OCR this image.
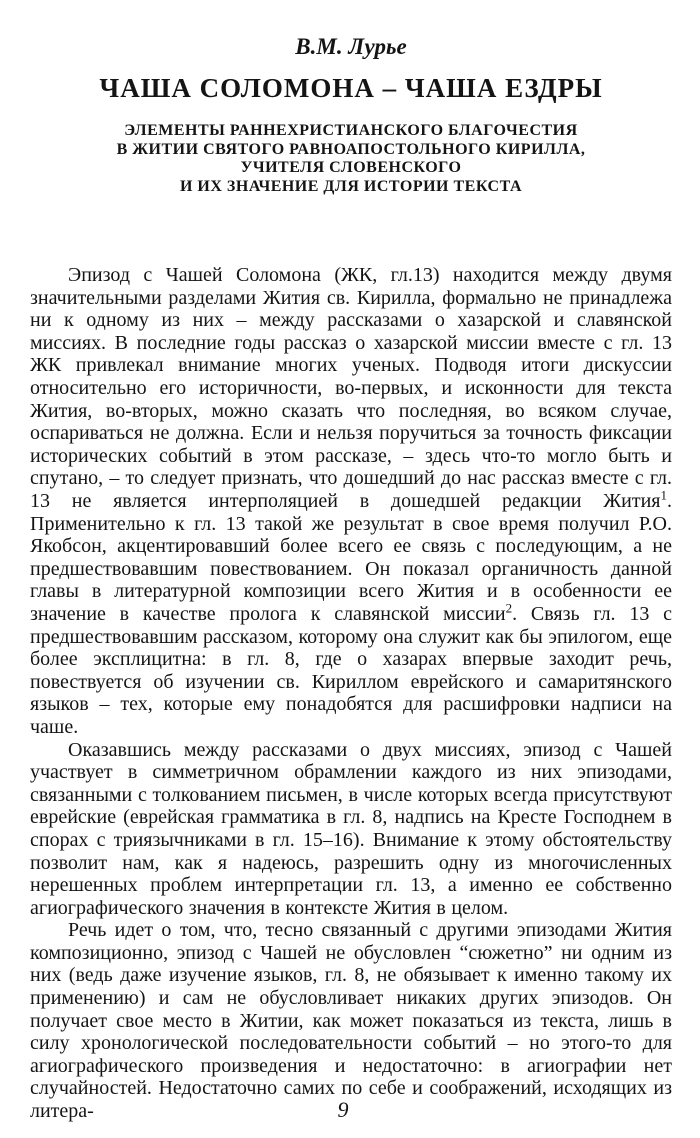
В.М. Лурье
ЧАША СОЛОМОНА – ЧАША ЕЗДРЫ
ЭЛЕМЕНТЫ РАННЕХРИСТИАНСКОГО БЛАГОЧЕСТИЯ
В ЖИТИИ СВЯТОГО РАВНОАПОСТОЛЬНОГО КИРИЛЛА,
УЧИТЕЛЯ СЛОВЕНСКОГО
И ИХ ЗНАЧЕНИЕ ДЛЯ ИСТОРИИ ТЕКСТА

Эпизод с Чашей Соломона (ЖК, гл.13) находится между двумя значительными разделами Жития св. Кирилла, формально не принадлежа ни к одному из них – между рассказами о хазарской и славянской миссиях. В последние годы рассказ о хазарской миссии вместе с гл. 13 ЖК привлекал внимание многих ученых. Подводя итоги дискуссии относительно его историчности, во-первых, и исконности для текста Жития, во-вторых, можно сказать что последняя, во всяком случае, оспариваться не должна. Если и нельзя поручиться за точность фиксации исторических событий в этом рассказе, – здесь что-то могло быть и спутано, – то следует признать, что дошедший до нас рассказ вместе с гл. 13 не является интерполяцией в дошедшей редакции Жития$^1$. Применительно к гл. 13 такой же результат в свое время получил Р.О. Якобсон, акцентировавший более всего ее связь с последующим, а не предшествовавшим повествованием. Он показал органичность данной главы в литературной композиции всего Жития и в особенности ее значение в качестве пролога к славянской миссии$^2$. Связь гл. 13 с предшествовавшим рассказом, которому она служит как бы эпилогом, еще более эксплицитна: в гл. 8, где о хазарах впервые заходит речь, повествуется об изучении св. Кириллом еврейского и самаритянского языков – тех, которые ему понадобятся для расшифровки надписи на чаше.

Оказавшись между рассказами о двух миссиях, эпизод с Чашей участвует в симметричном обрамлении каждого из них эпизодами, связанными с толкованием письмен, в числе которых всегда присутствуют еврейские (еврейская грамматика в гл. 8, надпись на Кресте Господнем в спорах с триязычниками в гл. 15–16). Внимание к этому обстоятельству позволит нам, как я надеюсь, разрешить одну из многочисленных нерешенных проблем интерпретации гл. 13, а именно ее собственно агиографического значения в контексте Жития в целом.

Речь идет о том, что, тесно связанный с другими эпизодами Жития композиционно, эпизод с Чашей не обусловлен “сюжетно” ни одним из них (ведь даже изучение языков, гл. 8, не обязывает к именно такому их применению) и сам не обусловливает никаких других эпизодов. Он получает свое место в Житии, как может показаться из текста, лишь в силу хронологической последовательности событий – но этого-то для агиографического произведения и недостаточно: в агиографии нет случайностей. Недостаточно самих по себе и соображений, исходящих из литера-	9
